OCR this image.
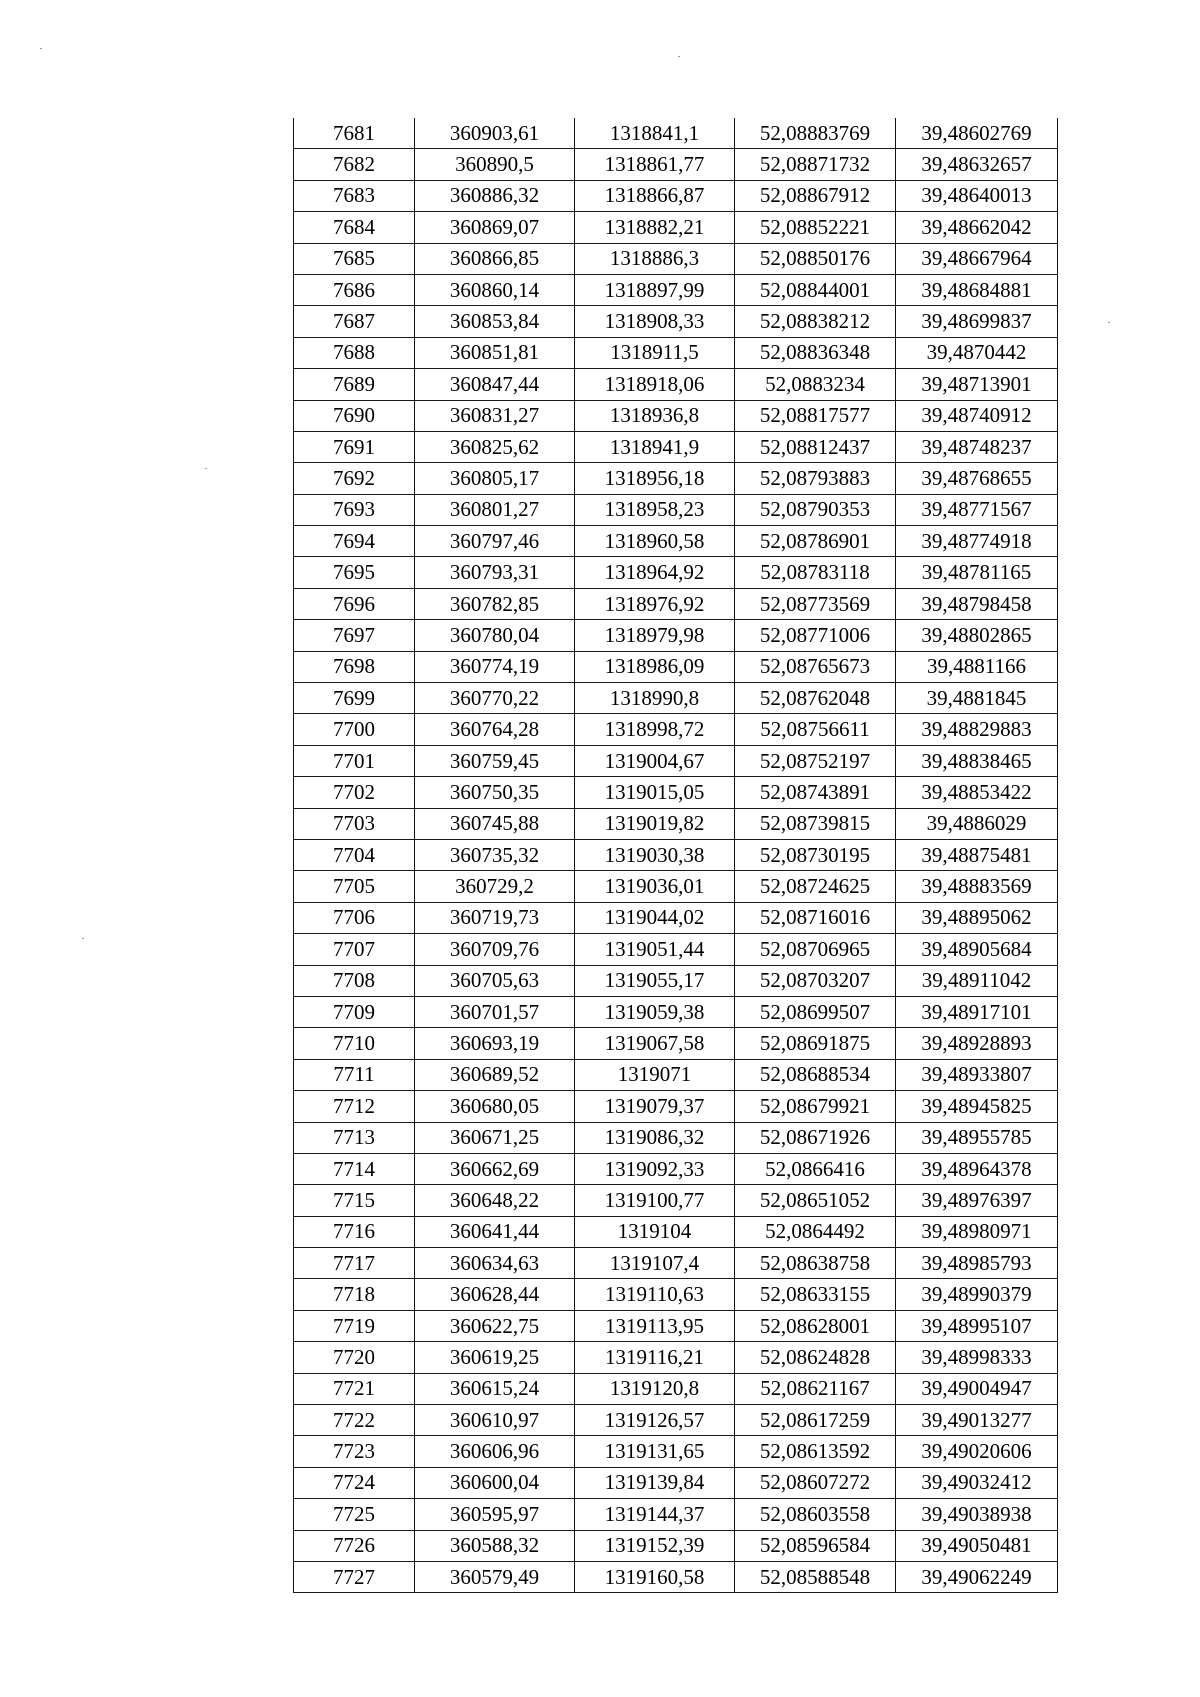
7681	360903,61	1318841,1	52,08883769	39,48602769
7682	360890,5	1318861,77	52,08871732	39,48632657
7683	360886,32	1318866,87	52,08867912	39,48640013
7684	360869,07	1318882,21	52,08852221	39,48662042
7685	360866,85	1318886,3	52,08850176	39,48667964
7686	360860,14	1318897,99	52,08844001	39,48684881
7687	360853,84	1318908,33	52,08838212	39,48699837
7688	360851,81	1318911,5	52,08836348	39,4870442
7689	360847,44	1318918,06	52,0883234	39,48713901
7690	360831,27	1318936,8	52,08817577	39,48740912
7691	360825,62	1318941,9	52,08812437	39,48748237
7692	360805,17	1318956,18	52,08793883	39,48768655
7693	360801,27	1318958,23	52,08790353	39,48771567
7694	360797,46	1318960,58	52,08786901	39,48774918
7695	360793,31	1318964,92	52,08783118	39,48781165
7696	360782,85	1318976,92	52,08773569	39,48798458
7697	360780,04	1318979,98	52,08771006	39,48802865
7698	360774,19	1318986,09	52,08765673	39,4881166
7699	360770,22	1318990,8	52,08762048	39,4881845
7700	360764,28	1318998,72	52,08756611	39,48829883
7701	360759,45	1319004,67	52,08752197	39,48838465
7702	360750,35	1319015,05	52,08743891	39,48853422
7703	360745,88	1319019,82	52,08739815	39,4886029
7704	360735,32	1319030,38	52,08730195	39,48875481
7705	360729,2	1319036,01	52,08724625	39,48883569
7706	360719,73	1319044,02	52,08716016	39,48895062
7707	360709,76	1319051,44	52,08706965	39,48905684
7708	360705,63	1319055,17	52,08703207	39,48911042
7709	360701,57	1319059,38	52,08699507	39,48917101
7710	360693,19	1319067,58	52,08691875	39,48928893
7711	360689,52	1319071	52,08688534	39,48933807
7712	360680,05	1319079,37	52,08679921	39,48945825
7713	360671,25	1319086,32	52,08671926	39,48955785
7714	360662,69	1319092,33	52,0866416	39,48964378
7715	360648,22	1319100,77	52,08651052	39,48976397
7716	360641,44	1319104	52,0864492	39,48980971
7717	360634,63	1319107,4	52,08638758	39,48985793
7718	360628,44	1319110,63	52,08633155	39,48990379
7719	360622,75	1319113,95	52,08628001	39,48995107
7720	360619,25	1319116,21	52,08624828	39,48998333
7721	360615,24	1319120,8	52,08621167	39,49004947
7722	360610,97	1319126,57	52,08617259	39,49013277
7723	360606,96	1319131,65	52,08613592	39,49020606
7724	360600,04	1319139,84	52,08607272	39,49032412
7725	360595,97	1319144,37	52,08603558	39,49038938
7726	360588,32	1319152,39	52,08596584	39,49050481
7727	360579,49	1319160,58	52,08588548	39,49062249
